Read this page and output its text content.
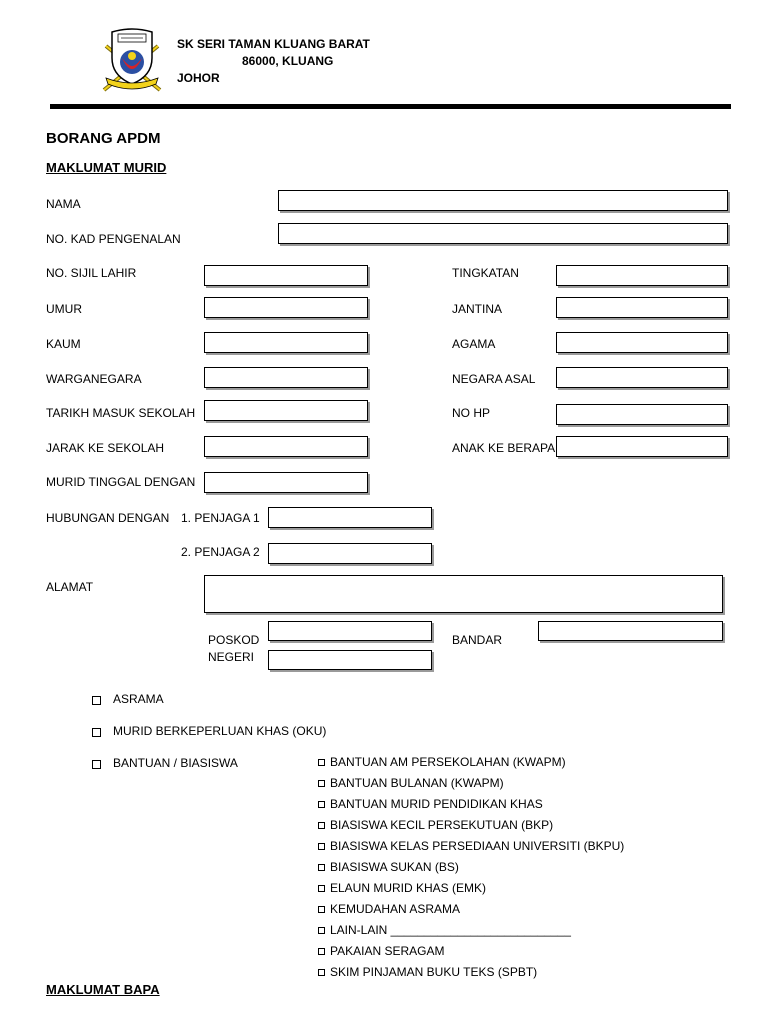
SK SERI TAMAN KLUANG BARAT
86000, KLUANG
JOHOR
BORANG APDM
MAKLUMAT MURID
NAMA
NO. KAD PENGENALAN
NO. SIJIL LAHIR	TINGKATAN
UMUR	JANTINA
KAUM	AGAMA
WARGANEGARA	NEGARA ASAL
TARIKH MASUK SEKOLAH	NO HP
JARAK KE SEKOLAH	ANAK KE BERAPA
MURID TINGGAL DENGAN
HUBUNGAN DENGAN 1. PENJAGA 1
2. PENJAGA 2
ALAMAT
POSKOD	BANDAR
NEGERI
ASRAMA
MURID BERKEPERLUAN KHAS (OKU)
BANTUAN / BIASISWA	BANTUAN AM PERSEKOLAHAN (KWAPM)
BANTUAN BULANAN (KWAPM)
BANTUAN MURID PENDIDIKAN KHAS
BIASISWA KECIL PERSEKUTUAN (BKP)
BIASISWA KELAS PERSEDIAAN UNIVERSITI (BKPU)
BIASISWA SUKAN (BS)
ELAUN MURID KHAS (EMK)
KEMUDAHAN ASRAMA
LAIN-LAIN ___________________________
PAKAIAN SERAGAM
SKIM PINJAMAN BUKU TEKS (SPBT)
MAKLUMAT BAPA
